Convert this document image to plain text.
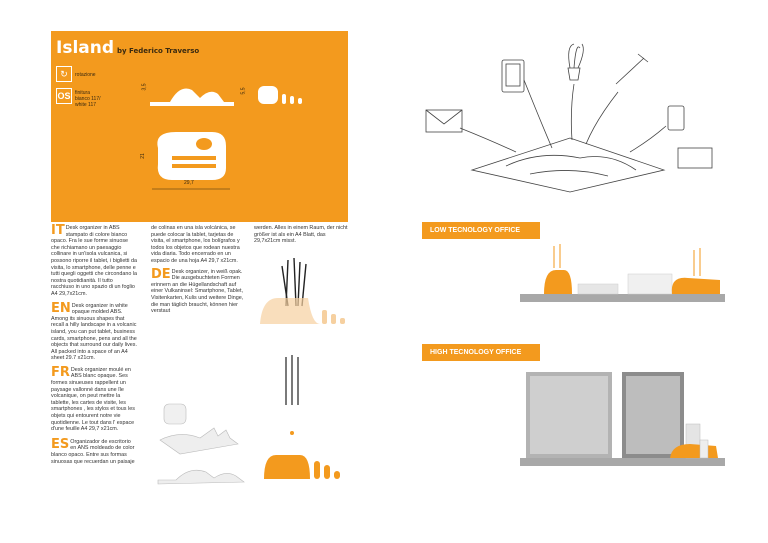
Island by Federico Traverso
↻	rotazione
OS finitura
bianco 117/
white 117
3,5
5,5
21
29,7

IT Desk organizer in ABS stampato di colore bianco opaco. Fra le sue forme sinuose che richiamano un paesaggio collinare in un'isola vulcanica, si possono riporre il tablet, i biglietti da visita, lo smartphone, delle penne e tutti quegli oggetti che circondano la nostra quotidianità. Il tutto racchiuso in uno spazio di un foglio A4 29,7x21cm.

EN Desk organizer in white opaque molded ABS. Among its sinuous shapes that recall a hilly landscape in a volcanic island, you can put tablet, business cards, smartphone, pens and all the objects that surround our daily lives. All packed into a space of an A4 sheet 29.7 x21cm.

FR Desk organizer moulé en ABS blanc opaque. Ses formes sinueuses rappellent un paysage vallonné dans une île volcanique, on peut mettre la tablette, les cartes de visite, les smartphones , les stylos et tous les objets qui entourent notre vie quotidienne. Le tout dans l' espace d'une feuille A4 29,7 x21cm.

ES Organizador de escritorio en ANS moldeado de color blanco opaco. Entre sus formas sinuosas que recuerdan un paisaje

de colinas en una isla volcánica, se puede colocar la tablet, tarjetas de visita, el smartphone, los bolígrafos y todos los objetos que rodean nuestra vida diaria. Todo encerrado en un espacio de una hoja A4 29,7 x21cm.

DE Desk organizer, in weiß opak. Die ausgebuchteten Formen erinnern an die Hügellandschaft auf einer Vulkaninsel: Smartphone, Tablet, Visitenkarten, Kulis und weitere Dinge, die man täglich braucht, können hier verstaut

werden. Alles in einem Raum, der nicht größer ist als ein A4 Blatt, das 29,7x21cm misst.

LOW TECNOLOGY OFFICE
HIGH TECNOLOGY OFFICE
